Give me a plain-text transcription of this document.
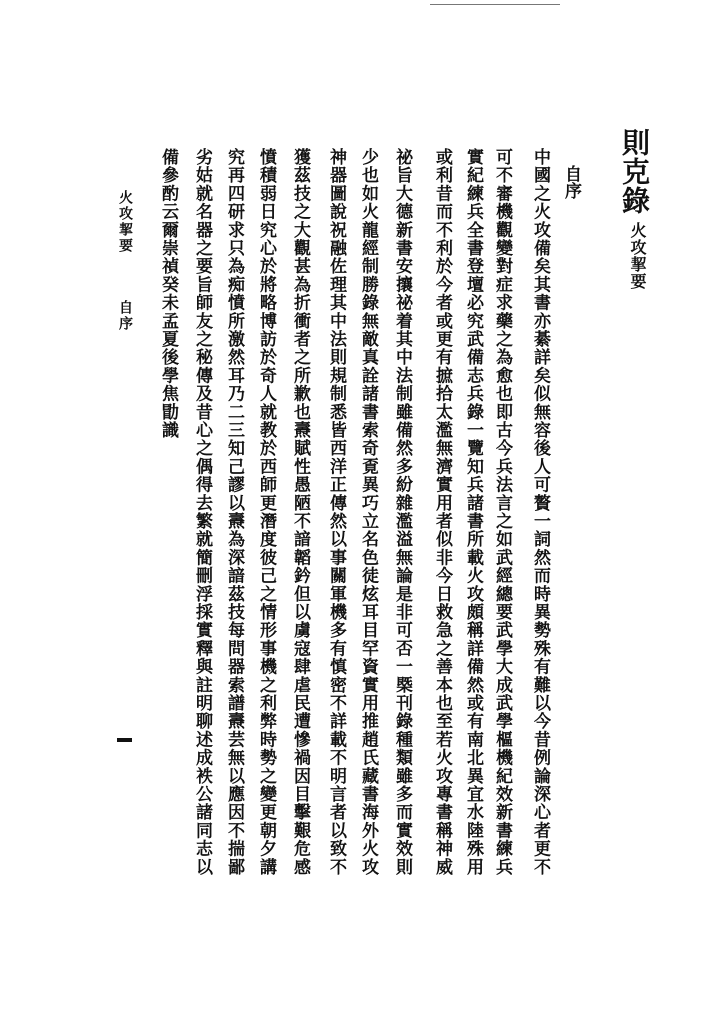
則克錄
火攻挈要
自序
中國之火攻備矣其書亦綦詳矣似無容後人可贅一詞然而時異勢殊有難以今昔例論深心者更不
可不審機觀變對症求藥之為愈也即古今兵法言之如武經總要武學大成武學樞機紀效新書練兵
實紀練兵全書登壇必究武備志兵錄一覽知兵諸書所載火攻頗稱詳備然或有南北異宜水陸殊用
或利昔而不利於今者或更有摭拾太濫無濟實用者似非今日救急之善本也至若火攻專書稱神威
祕旨大德新書安攘祕着其中法制雖備然多紛雜濫溢無論是非可否一槩刊錄種類雖多而實效則
少也如火龍經制勝錄無敵真詮諸書索奇覔異巧立名色徒炫耳目罕資實用推趙氏藏書海外火攻
神器圖說祝融佐理其中法則規制悉皆西洋正傳然以事關軍機多有慎密不詳載不明言者以致不
獲茲技之大觀甚為折衝者之所歉也燾賦性愚陋不諳韜鈐但以虜寇肆虐民遭慘禍因目擊艱危感
憤積弱日究心於將略博訪於奇人就教於西師更潛度彼己之情形事機之利弊時勢之變更朝夕講
究再四研求只為痴憤所激然耳乃二三知己謬以燾為深諳茲技每問器索譜燾芸無以應因不揣鄙
劣姑就名器之要旨師友之秘傳及昔心之偶得去繁就簡刪浮採實釋與註明聊述成袟公諸同志以
備參酌云爾崇禎癸未孟夏後學焦勖識
火攻挈要
自序
